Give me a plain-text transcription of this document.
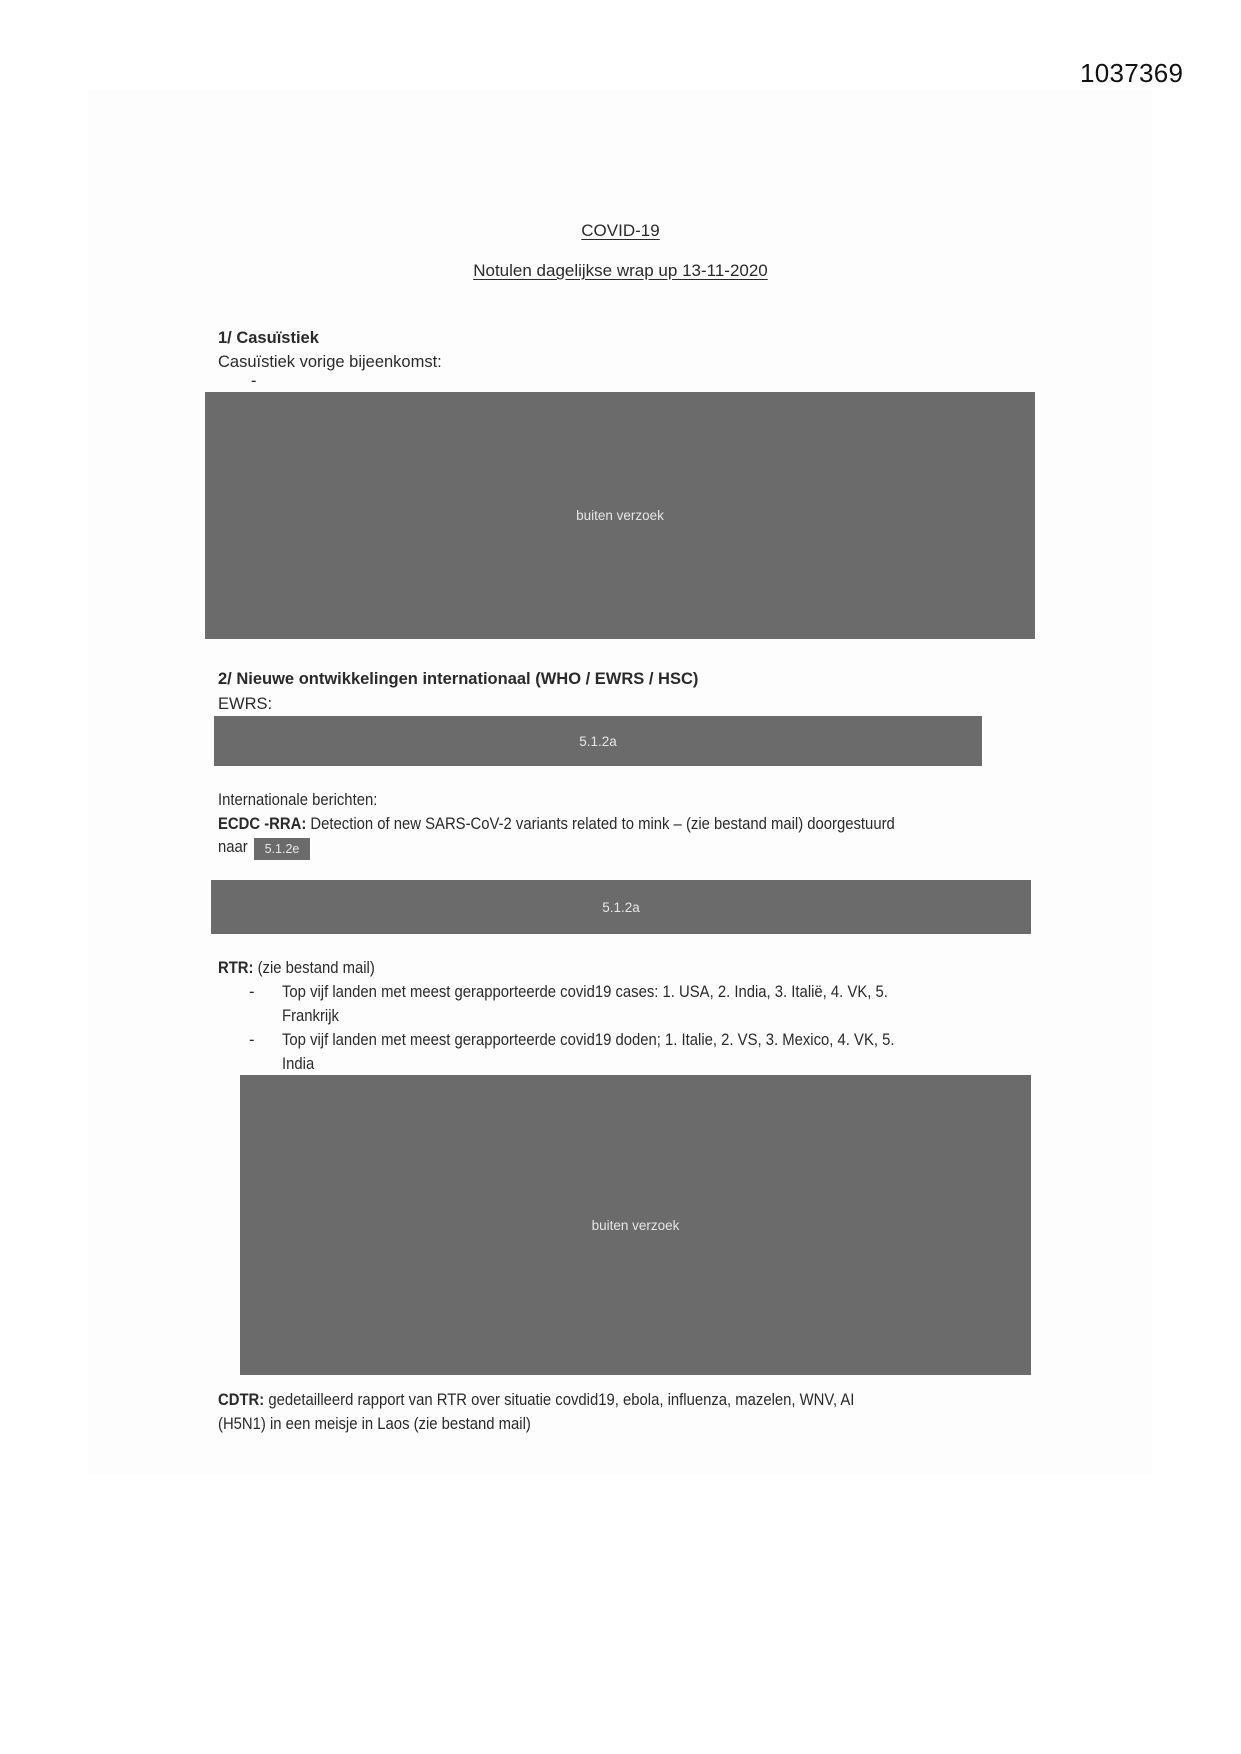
1037369
COVID-19
Notulen dagelijkse wrap up 13-11-2020
1/ Casuïstiek
Casuïstiek vorige bijeenkomst:
-
buiten verzoek
2/ Nieuwe ontwikkelingen internationaal (WHO / EWRS / HSC)
EWRS:
5.1.2a
Internationale berichten:
ECDC -RRA: Detection of new SARS-CoV-2 variants related to mink – (zie bestand mail) doorgestuurd
naar 5.1.2e
5.1.2a
RTR: (zie bestand mail)
- Top vijf landen met meest gerapporteerde covid19 cases: 1. USA, 2. India, 3. Italië, 4. VK, 5.
Frankrijk
- Top vijf landen met meest gerapporteerde covid19 doden; 1. Italie, 2. VS, 3. Mexico, 4. VK, 5.
India
buiten verzoek
CDTR: gedetailleerd rapport van RTR over situatie covdid19, ebola, influenza, mazelen, WNV, AI
(H5N1) in een meisje in Laos (zie bestand mail)
